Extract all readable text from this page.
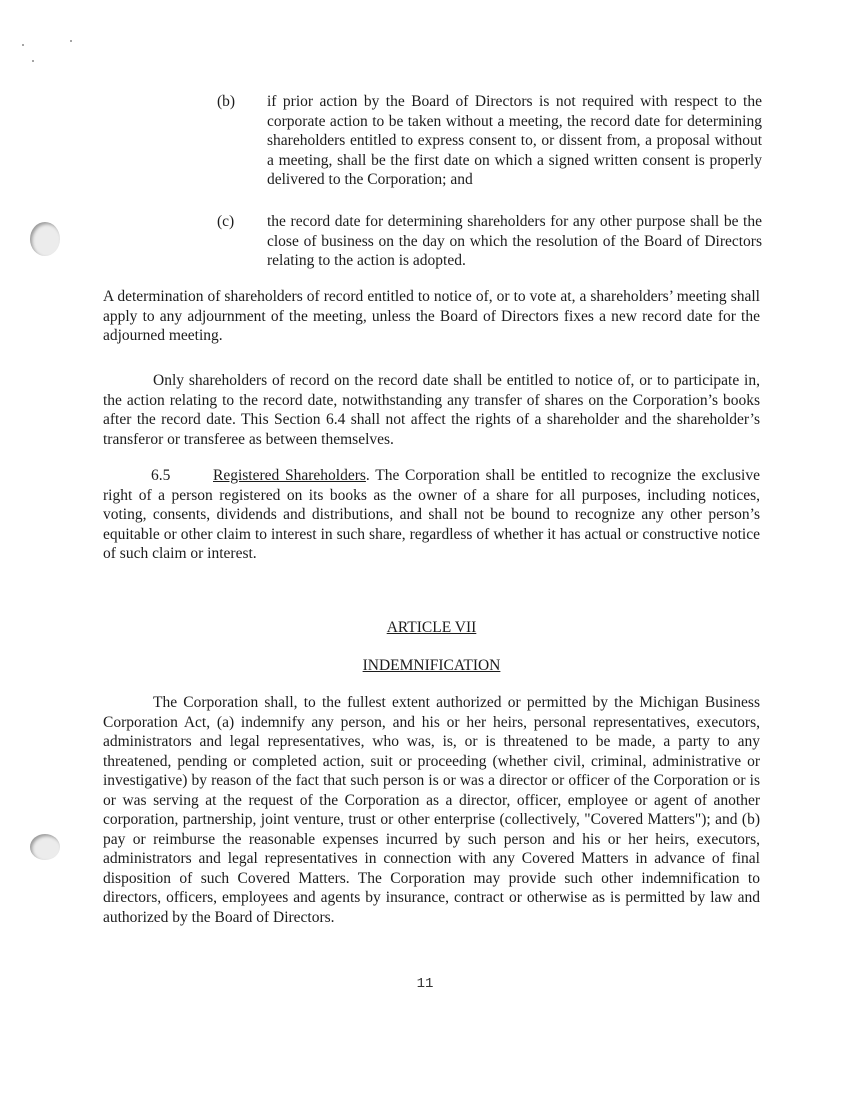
(b) if prior action by the Board of Directors is not required with respect to the corporate action to be taken without a meeting, the record date for determining shareholders entitled to express consent to, or dissent from, a proposal without a meeting, shall be the first date on which a signed written consent is properly delivered to the Corporation; and
(c) the record date for determining shareholders for any other purpose shall be the close of business on the day on which the resolution of the Board of Directors relating to the action is adopted.

A determination of shareholders of record entitled to notice of, or to vote at, a shareholders’ meeting shall apply to any adjournment of the meeting, unless the Board of Directors fixes a new record date for the adjourned meeting.

Only shareholders of record on the record date shall be entitled to notice of, or to participate in, the action relating to the record date, notwithstanding any transfer of shares on the Corporation’s books after the record date. This Section 6.4 shall not affect the rights of a shareholder and the shareholder’s transferor or transferee as between themselves.

6.5	Registered Shareholders. The Corporation shall be entitled to recognize the exclusive right of a person registered on its books as the owner of a share for all purposes, including notices, voting, consents, dividends and distributions, and shall not be bound to recognize any other person’s equitable or other claim to interest in such share, regardless of whether it has actual or constructive notice of such claim or interest.

ARTICLE VII
INDEMNIFICATION

The Corporation shall, to the fullest extent authorized or permitted by the Michigan Business Corporation Act, (a) indemnify any person, and his or her heirs, personal representatives, executors, administrators and legal representatives, who was, is, or is threatened to be made, a party to any threatened, pending or completed action, suit or proceeding (whether civil, criminal, administrative or investigative) by reason of the fact that such person is or was a director or officer of the Corporation or is or was serving at the request of the Corporation as a director, officer, employee or agent of another corporation, partnership, joint venture, trust or other enterprise (collectively, "Covered Matters"); and (b) pay or reimburse the reasonable expenses incurred by such person and his or her heirs, executors, administrators and legal representatives in connection with any Covered Matters in advance of final disposition of such Covered Matters. The Corporation may provide such other indemnification to directors, officers, employees and agents by insurance, contract or otherwise as is permitted by law and authorized by the Board of Directors.

11
